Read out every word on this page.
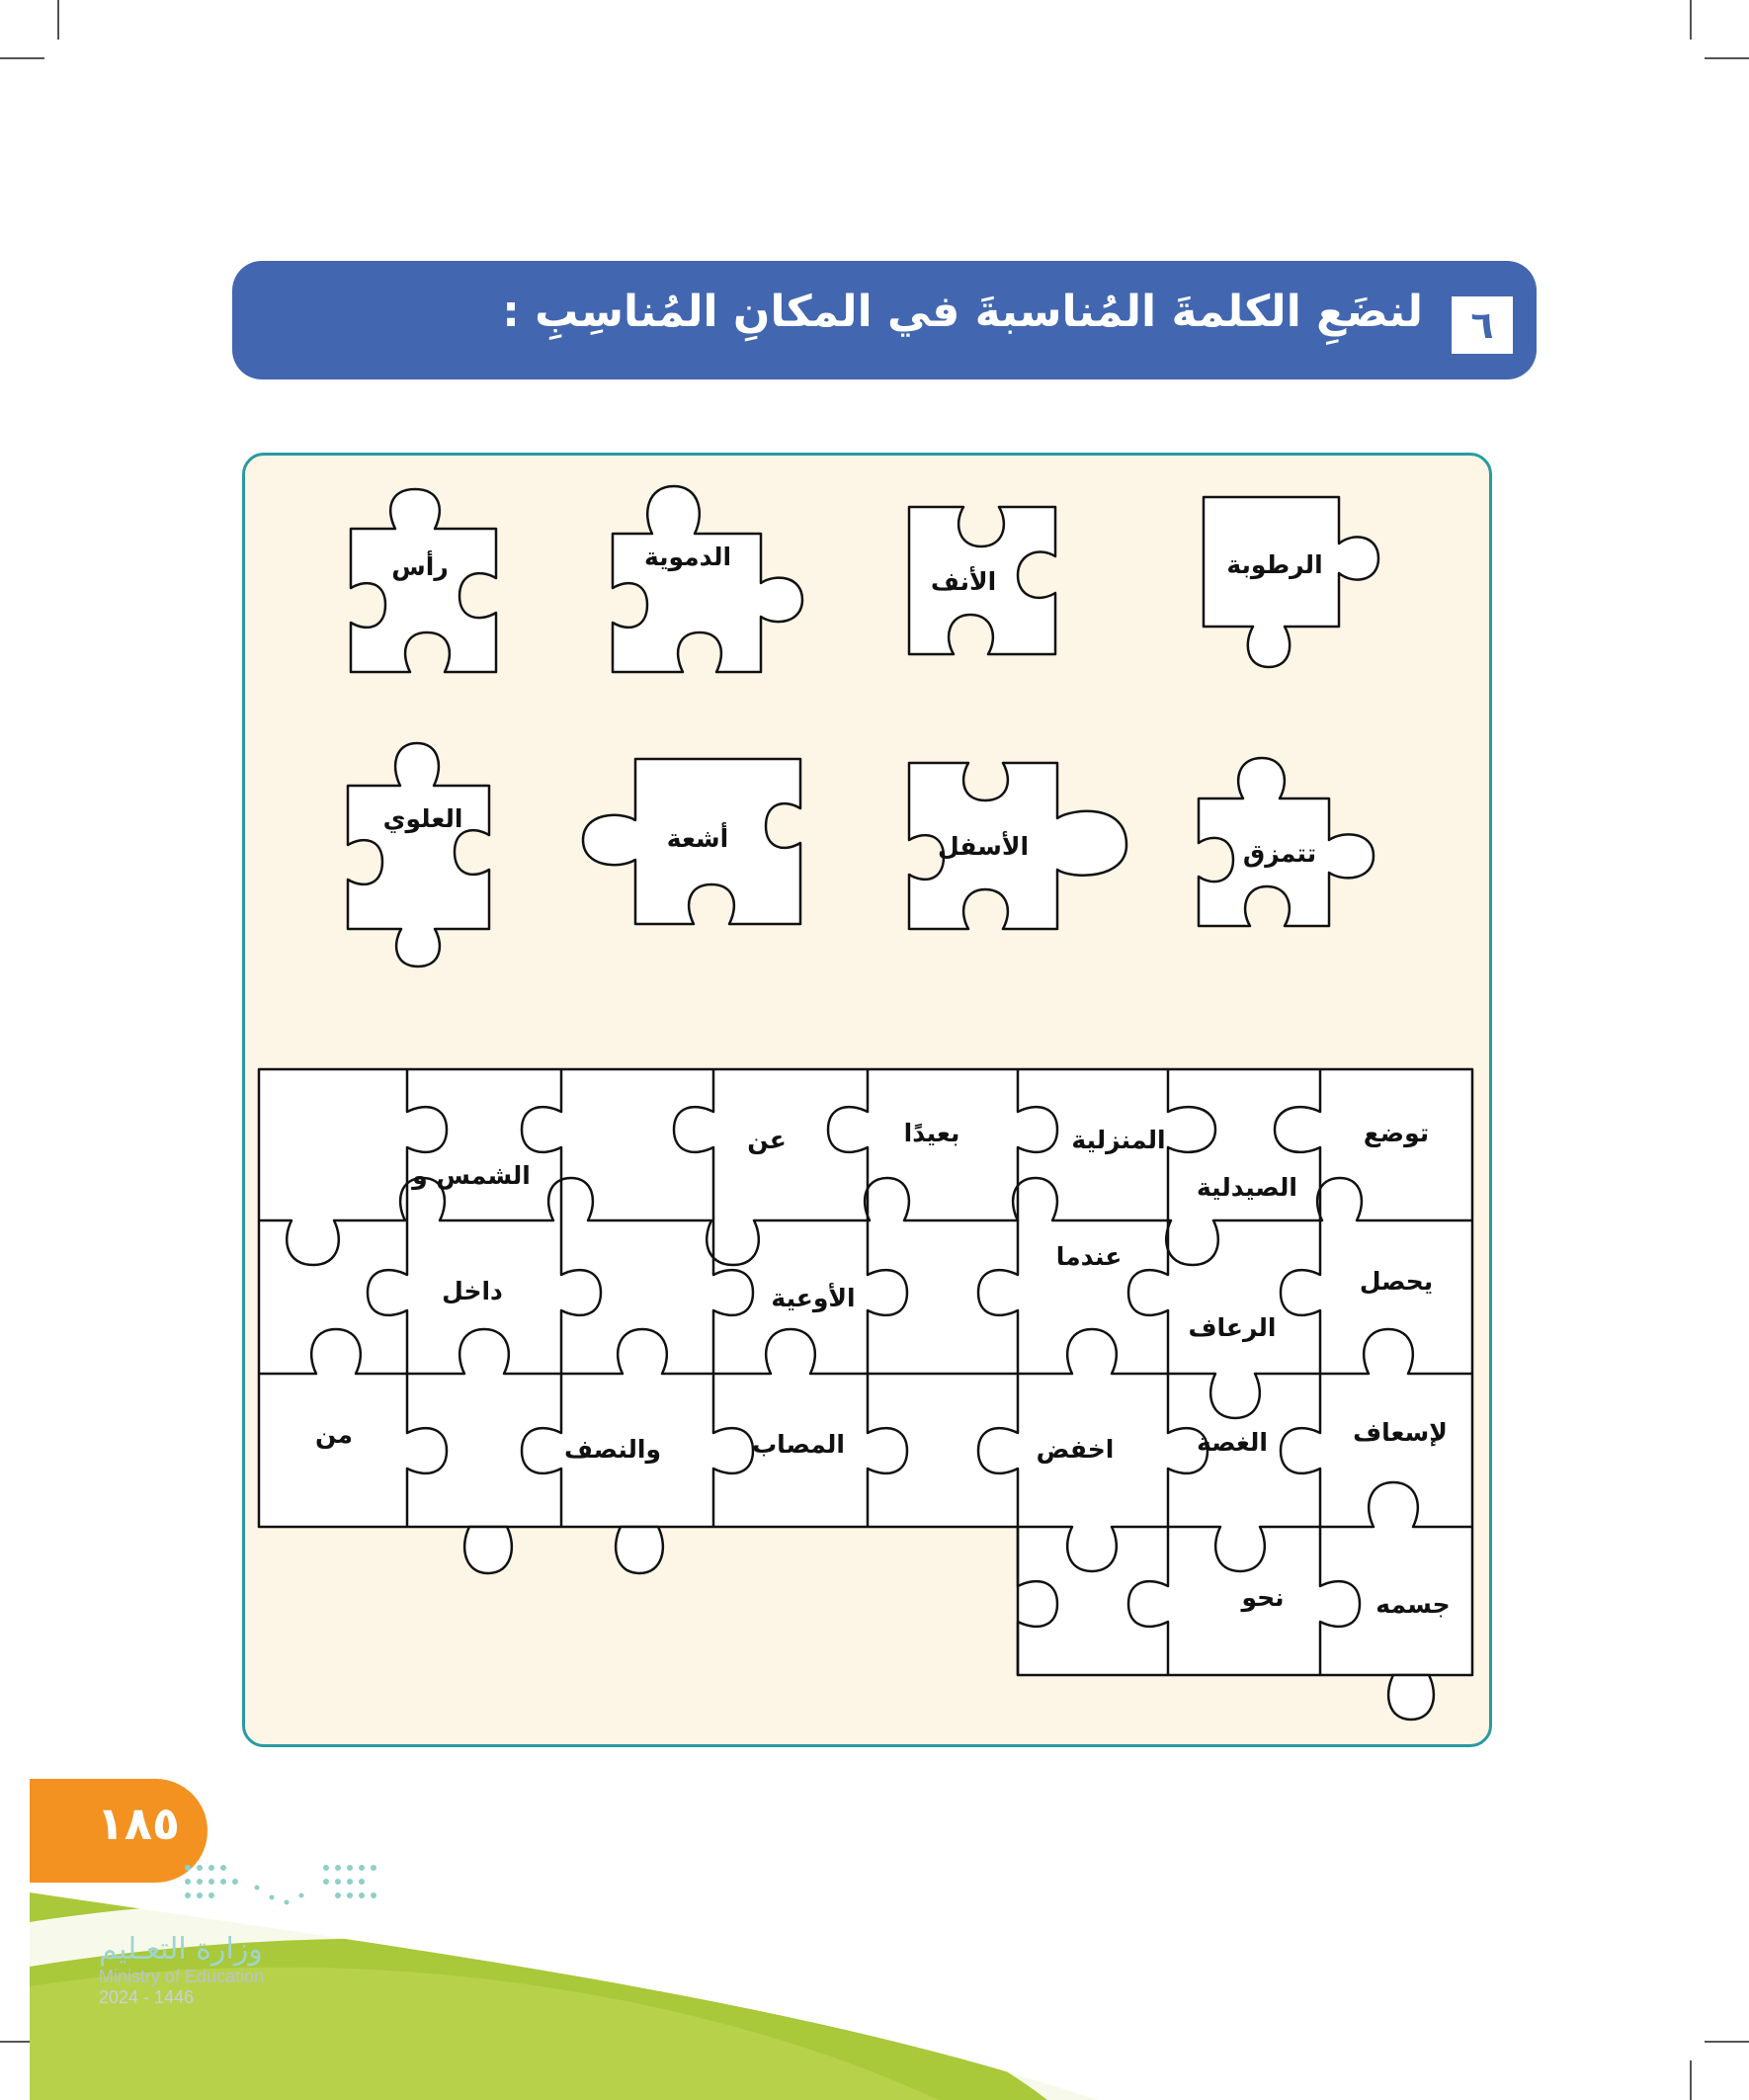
٦
لنضَعِ الكلمةَ المُناسبةَ في المكانِ المُناسِبِ :
رأس	الدموية
الأنف
الرطوبة
العلوي
أشعة	الأسفل	تتمزق
توضع
الصيدلية
المنزلية
بعيدًا
عن
الشمس و
يحصل
الرعاف
عندما
الأوعية
داخل
لإسعاف
الغصة
اخفض
المصاب
والنصف
من
جسمه
نحو
١٨٥
وزارة التعـليم
Ministry of Education
2024 - 1446
